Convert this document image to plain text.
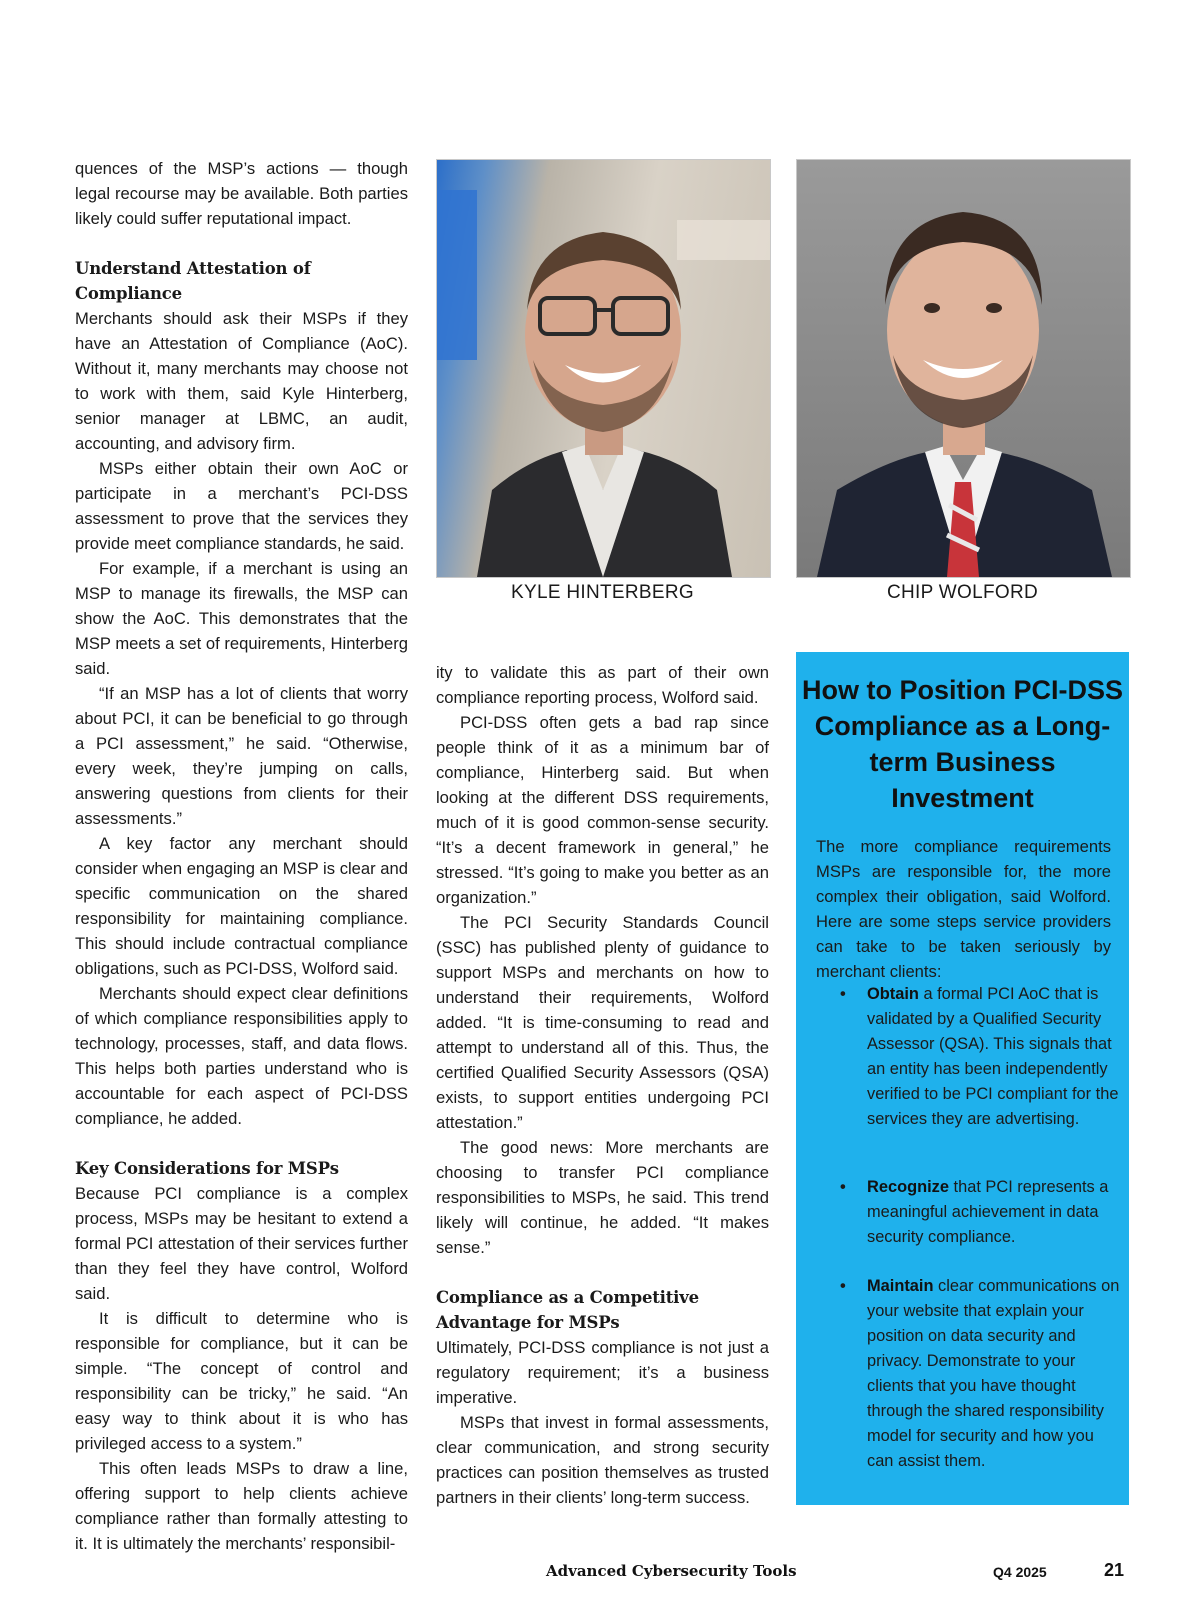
quences of the MSP’s actions — though legal recourse may be available. Both parties likely could suffer reputational impact.

Understand Attestation of Compliance

Merchants should ask their MSPs if they have an Attestation of Compliance (AoC). Without it, many merchants may choose not to work with them, said Kyle Hinterberg, senior manager at LBMC, an audit, accounting, and advisory firm.

MSPs either obtain their own AoC or participate in a merchant’s PCI-DSS assessment to prove that the services they provide meet compliance standards, he said.

For example, if a merchant is using an MSP to manage its firewalls, the MSP can show the AoC. This demonstrates that the MSP meets a set of requirements, Hinterberg said.

“If an MSP has a lot of clients that worry about PCI, it can be beneficial to go through a PCI assessment,” he said. “Otherwise, every week, they’re jumping on calls, answering questions from clients for their assessments.”

A key factor any merchant should consider when engaging an MSP is clear and specific communication on the shared responsibility for maintaining compliance. This should include contractual compliance obligations, such as PCI-DSS, Wolford said.

Merchants should expect clear definitions of which compliance responsibilities apply to technology, processes, staff, and data flows. This helps both parties understand who is accountable for each aspect of PCI-DSS compliance, he added.

Key Considerations for MSPs

Because PCI compliance is a complex process, MSPs may be hesitant to extend a formal PCI attestation of their services further than they feel they have control, Wolford said.

It is difficult to determine who is responsible for compliance, but it can be simple. “The concept of control and responsibility can be tricky,” he said. “An easy way to think about it is who has privileged access to a system.”

This often leads MSPs to draw a line, offering support to help clients achieve compliance rather than formally attesting to it. It is ultimately the merchants’ responsibil-

KYLE HINTERBERG	CHIP WOLFORD

ity to validate this as part of their own compliance reporting process, Wolford said.

PCI-DSS often gets a bad rap since people think of it as a minimum bar of compliance, Hinterberg said. But when looking at the different DSS requirements, much of it is good common-sense security. “It’s a decent framework in general,” he stressed. “It’s going to make you better as an organization.”

The PCI Security Standards Council (SSC) has published plenty of guidance to support MSPs and merchants on how to understand their requirements, Wolford added. “It is time-consuming to read and attempt to understand all of this. Thus, the certified Qualified Security Assessors (QSA) exists, to support entities undergoing PCI attestation.”

The good news: More merchants are choosing to transfer PCI compliance responsibilities to MSPs, he said. This trend likely will continue, he added. “It makes sense.”

Compliance as a Competitive Advantage for MSPs

Ultimately, PCI-DSS compliance is not just a regulatory requirement; it’s a business imperative.

MSPs that invest in formal assessments, clear communication, and strong security practices can position themselves as trusted partners in their clients’ long-term success.

How to Position PCI-DSS Compliance as a Long-term Business Investment

The more compliance requirements MSPs are responsible for, the more complex their obligation, said Wolford. Here are some steps service providers can take to be taken seriously by merchant clients:

• Obtain a formal PCI AoC that is validated by a Qualified Security Assessor (QSA). This signals that an entity has been independently verified to be PCI compliant for the services they are advertising.
• Recognize that PCI represents a meaningful achievement in data security compliance.
• Maintain clear communications on your website that explain your position on data security and privacy. Demonstrate to your clients that you have thought through the shared responsibility model for security and how you can assist them.
Advanced Cybersecurity Tools	Q4 2025	21
